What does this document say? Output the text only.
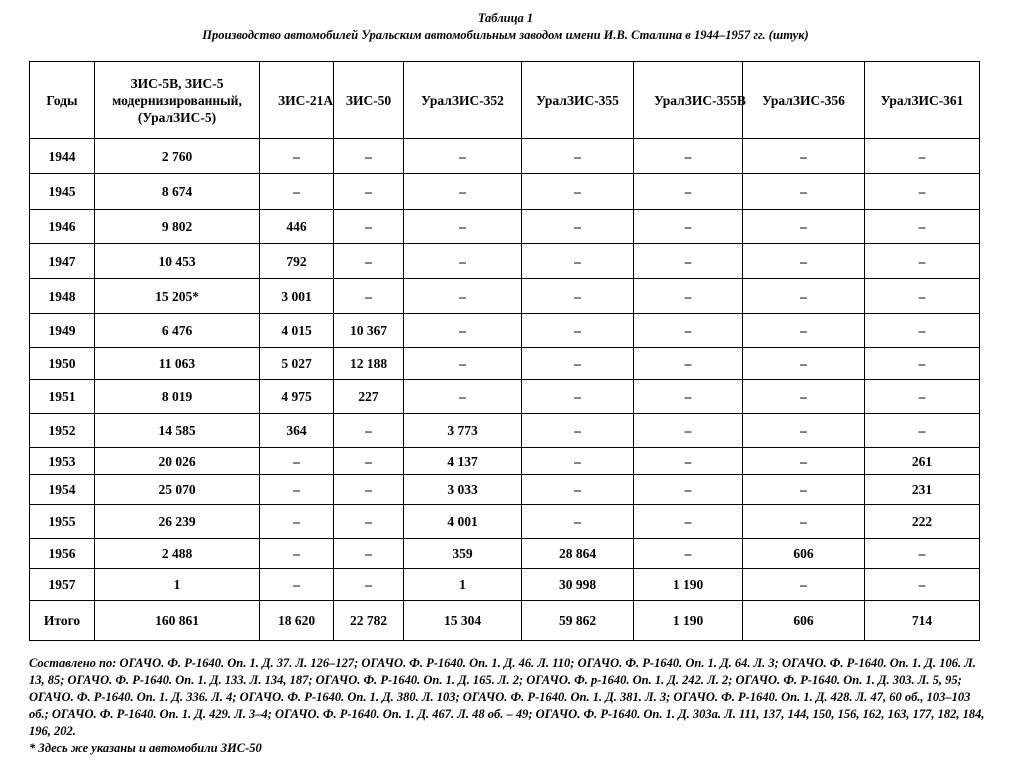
Таблица 1
Производство автомобилей Уральским автомобильным заводом имени И.В. Сталина в 1944–1957 гг. (штук)
Годы	ЗИС-5В, ЗИС-5 модернизированный, (УралЗИС-5)	ЗИС-21А	ЗИС-50	УралЗИС-352	УралЗИС-355	УралЗИС-355В	УралЗИС-356	УралЗИС-361
1944	2 760	–	–	–	–	–	–	–
1945	8 674	–	–	–	–	–	–	–
1946	9 802	446	–	–	–	–	–	–
1947	10 453	792	–	–	–	–	–	–
1948	15 205*	3 001	–	–	–	–	–	–
1949	6 476	4 015	10 367	–	–	–	–	–
1950	11 063	5 027	12 188	–	–	–	–	–
1951	8 019	4 975	227	–	–	–	–	–
1952	14 585	364	–	3 773	–	–	–	–
1953	20 026	–	–	4 137	–	–	–	261
1954	25 070	–	–	3 033	–	–	–	231
1955	26 239	–	–	4 001	–	–	–	222
1956	2 488	–	–	359	28 864	–	606	–
1957	1	–	–	1	30 998	1 190	–	–
Итого	160 861	18 620	22 782	15 304	59 862	1 190	606	714

Составлено по: ОГАЧО. Ф. Р-1640. Оп. 1. Д. 37. Л. 126–127; ОГАЧО. Ф. Р-1640. Оп. 1. Д. 46. Л. 110; ОГАЧО. Ф. Р-1640. Оп. 1. Д. 64. Л. 3; ОГАЧО. Ф. Р-1640. Оп. 1. Д. 106. Л. 13, 85; ОГАЧО. Ф. Р-1640. Оп. 1. Д. 133. Л. 134, 187; ОГАЧО. Ф. Р-1640. Оп. 1. Д. 165. Л. 2; ОГАЧО. Ф. р-1640. Оп. 1. Д. 242. Л. 2; ОГАЧО. Ф. Р-1640. Оп. 1. Д. 303. Л. 5, 95; ОГАЧО. Ф. Р-1640. Оп. 1. Д. 336. Л. 4; ОГАЧО. Ф. Р-1640. Оп. 1. Д. 380. Л. 103; ОГАЧО. Ф. Р-1640. Оп. 1. Д. 381. Л. 3; ОГАЧО. Ф. Р-1640. Оп. 1. Д. 428. Л. 47, 60 об., 103–103 об.; ОГАЧО. Ф. Р-1640. Оп. 1. Д. 429. Л. 3–4; ОГАЧО. Ф. Р-1640. Оп. 1. Д. 467. Л. 48 об. – 49; ОГАЧО. Ф. Р-1640. Оп. 1. Д. 303а. Л. 111, 137, 144, 150, 156, 162, 163, 177, 182, 184, 196, 202.

* Здесь же указаны и автомобили ЗИС-50
